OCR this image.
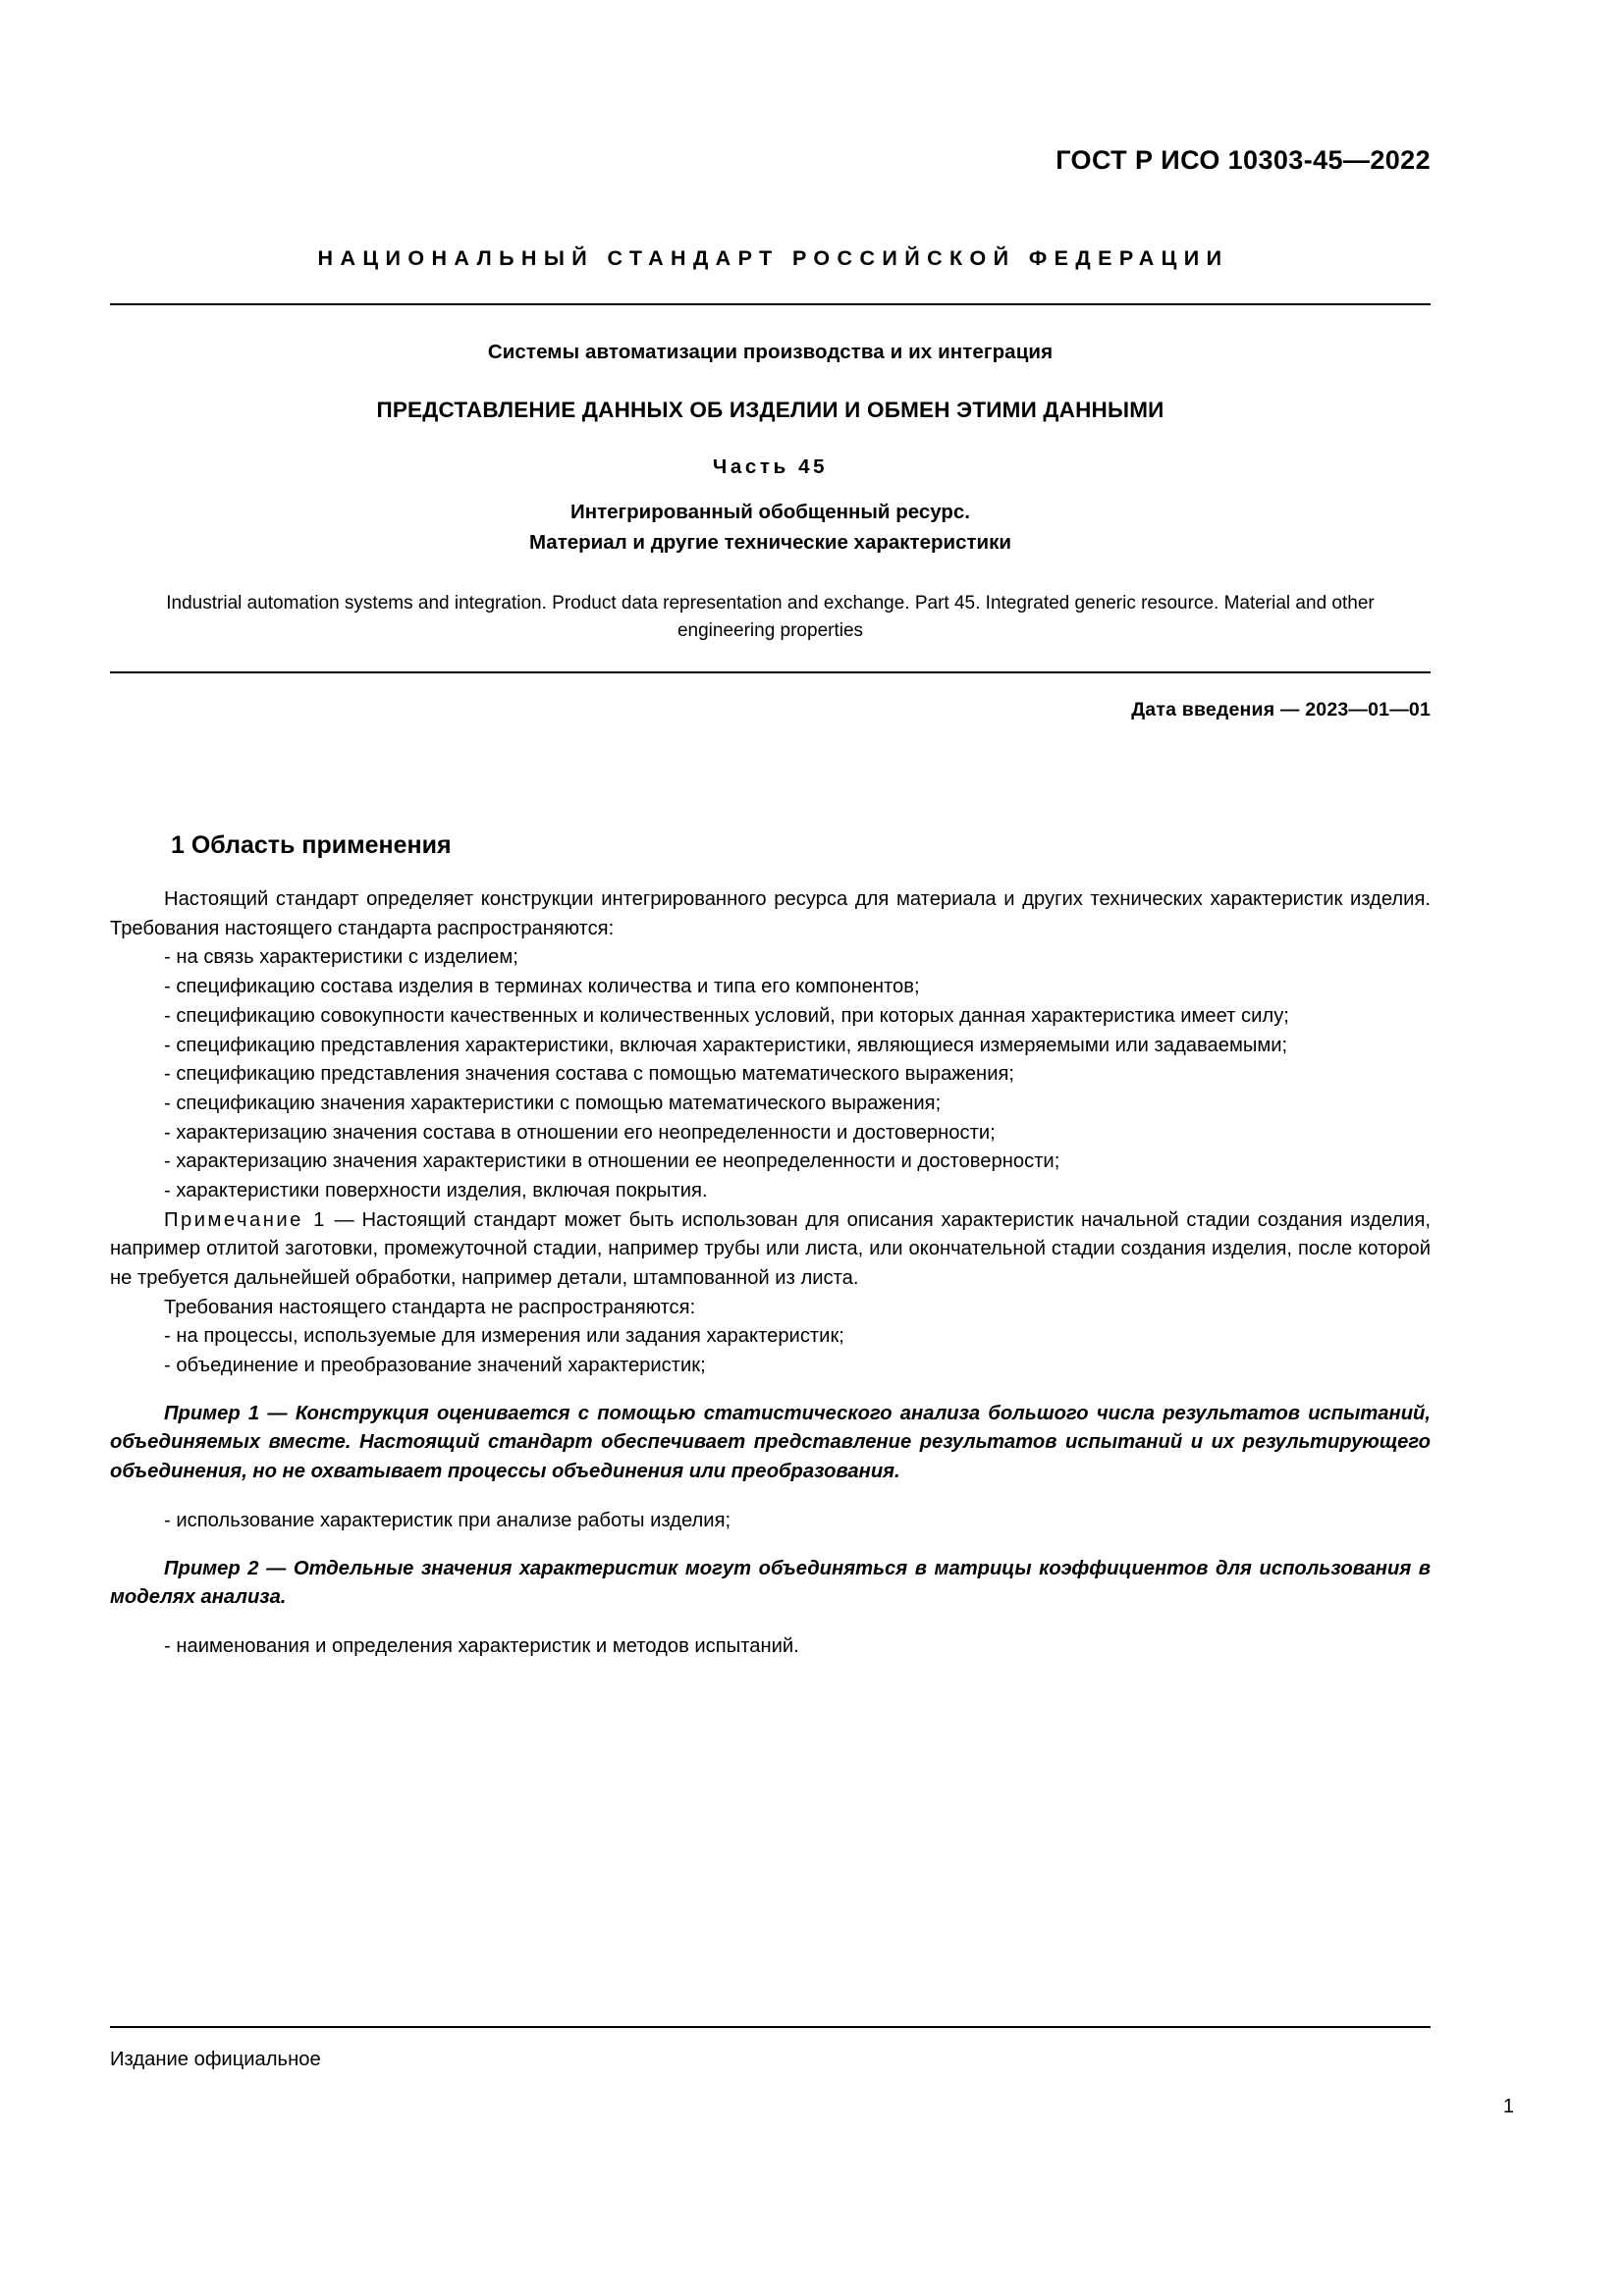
ГОСТ Р ИСО 10303-45—2022
НАЦИОНАЛЬНЫЙ СТАНДАРТ РОССИЙСКОЙ ФЕДЕРАЦИИ
Системы автоматизации производства и их интеграция
ПРЕДСТАВЛЕНИЕ ДАННЫХ ОБ ИЗДЕЛИИ И ОБМЕН ЭТИМИ ДАННЫМИ
Часть 45
Интегрированный обобщенный ресурс.
Материал и другие технические характеристики
Industrial automation systems and integration. Product data representation and exchange. Part 45. Integrated generic resource. Material and other engineering properties
Дата введения — 2023—01—01
1 Область применения

Настоящий стандарт определяет конструкции интегрированного ресурса для материала и других технических характеристик изделия. Требования настоящего стандарта распространяются:

- на связь характеристики с изделием;

- спецификацию состава изделия в терминах количества и типа его компонентов;

- спецификацию совокупности качественных и количественных условий, при которых данная характеристика имеет силу;

- спецификацию представления характеристики, включая характеристики, являющиеся измеряемыми или задаваемыми;

- спецификацию представления значения состава с помощью математического выражения;

- спецификацию значения характеристики с помощью математического выражения;

- характеризацию значения состава в отношении его неопределенности и достоверности;

- характеризацию значения характеристики в отношении ее неопределенности и достоверности;

- характеристики поверхности изделия, включая покрытия.

Примечание 1 — Настоящий стандарт может быть использован для описания характеристик начальной стадии создания изделия, например отлитой заготовки, промежуточной стадии, например трубы или листа, или окончательной стадии создания изделия, после которой не требуется дальнейшей обработки, например детали, штампованной из листа.

Требования настоящего стандарта не распространяются:

- на процессы, используемые для измерения или задания характеристик;

- объединение и преобразование значений характеристик;

Пример 1 — Конструкция оценивается с помощью статистического анализа большого числа результатов испытаний, объединяемых вместе. Настоящий стандарт обеспечивает представление результатов испытаний и их результирующего объединения, но не охватывает процессы объединения или преобразования.

- использование характеристик при анализе работы изделия;

Пример 2 — Отдельные значения характеристик могут объединяться в матрицы коэффициентов для использования в моделях анализа.

- наименования и определения характеристик и методов испытаний.

Издание официальное
1
